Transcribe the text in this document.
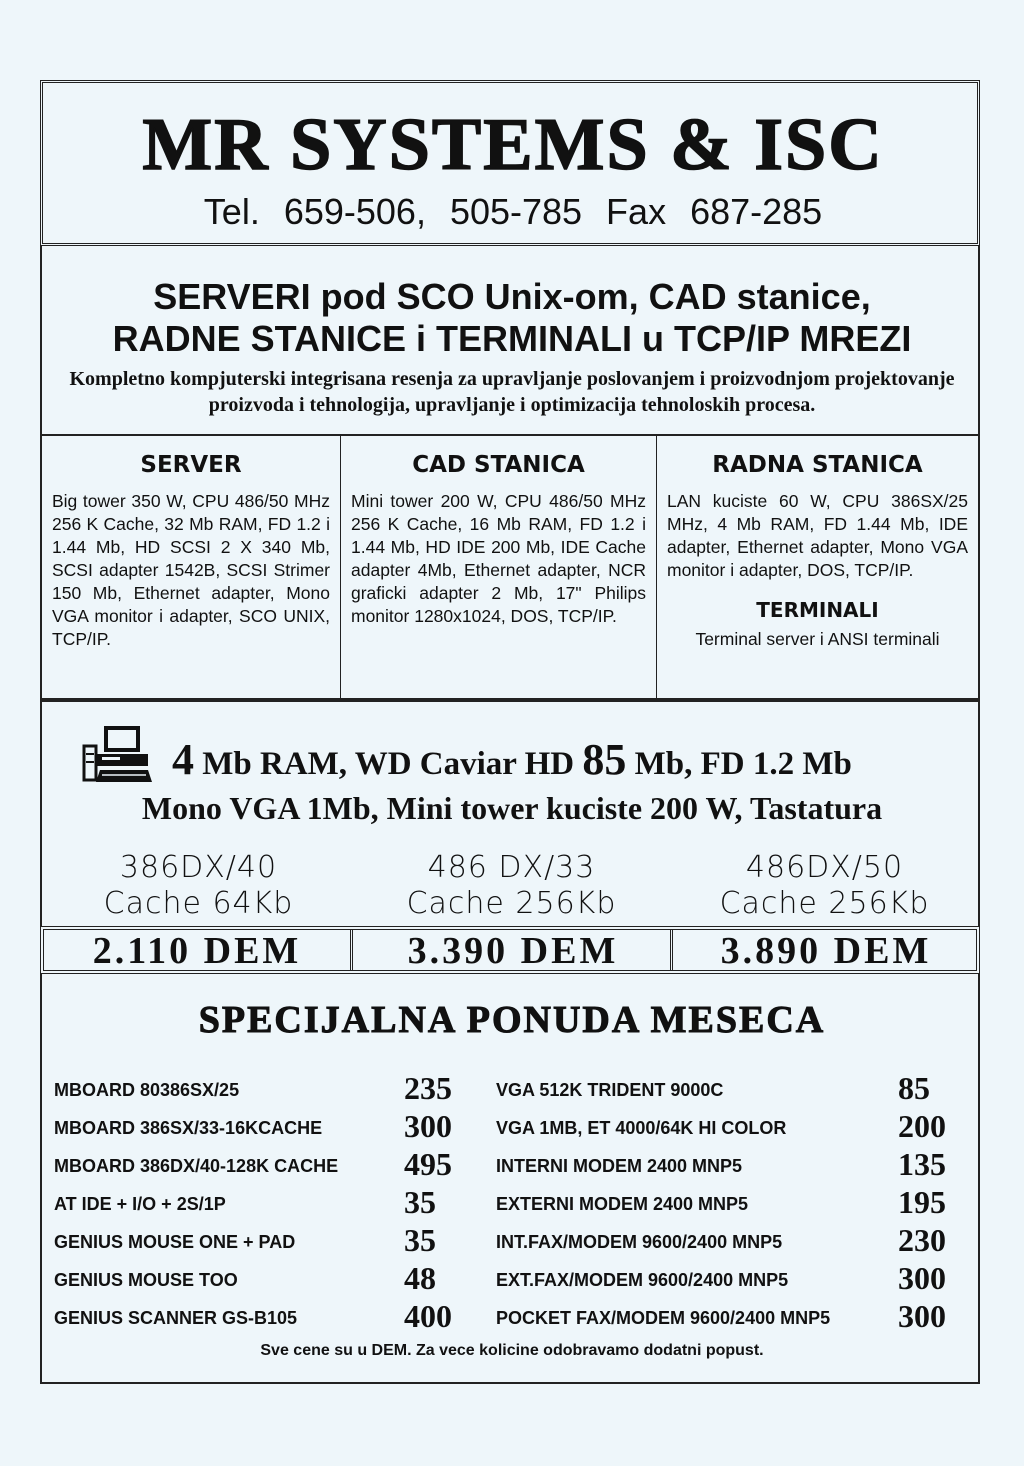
MR SYSTEMS & ISC
Tel. 659-506, 505-785 Fax 687-285
SERVERI pod SCO Unix-om, CAD stanice,
RADNE STANICE i TERMINALI u TCP/IP MREZI
Kompletno kompjuterski integrisana resenja za upravljanje poslovanjem i proizvodnjom projektovanje proizvoda i tehnologija, upravljanje i optimizacija tehnoloskih procesa.
SERVER
Big tower 350 W, CPU 486/50 MHz 256 K Cache, 32 Mb RAM, FD 1.2 i 1.44 Mb, HD SCSI 2 X 340 Mb, SCSI adapter 1542B, SCSI Strimer 150 Mb, Ethernet adapter, Mono VGA monitor i adapter, SCO UNIX, TCP/IP.
CAD STANICA
Mini tower 200 W, CPU 486/50 MHz 256 K Cache, 16 Mb RAM, FD 1.2 i 1.44 Mb, HD IDE 200 Mb, IDE Cache adapter 4Mb, Ethernet adapter, NCR graficki adapter 2 Mb, 17" Philips monitor 1280x1024, DOS, TCP/IP.
RADNA STANICA
LAN kuciste 60 W, CPU 386SX/25 MHz, 4 Mb RAM, FD 1.44 Mb, IDE adapter, Ethernet adapter, Mono VGA monitor i adapter, DOS, TCP/IP.
TERMINALI
Terminal server i ANSI terminali
4 Mb RAM, WD Caviar HD 85 Mb, FD 1.2 Mb
Mono VGA 1Mb, Mini tower kuciste 200 W, Tastatura
386DX/40
Cache 64Kb
486 DX/33
Cache 256Kb
486DX/50
Cache 256Kb
2.110 DEM	3.390 DEM	3.890 DEM
SPECIJALNA PONUDA MESECA
MBOARD 80386SX/25	235
MBOARD 386SX/33-16KCACHE	300
MBOARD 386DX/40-128K CACHE 495
AT IDE + I/O + 2S/1P	35
GENIUS MOUSE ONE + PAD	35
GENIUS MOUSE TOO	48
GENIUS SCANNER GS-B105	400
VGA 512K TRIDENT 9000C	85
VGA 1MB, ET 4000/64K HI COLOR	200
INTERNI MODEM 2400 MNP5	135
EXTERNI MODEM 2400 MNP5	195
INT.FAX/MODEM 9600/2400 MNP5	230
EXT.FAX/MODEM 9600/2400 MNP5	300
POCKET FAX/MODEM 9600/2400 MNP5 300
Sve cene su u DEM. Za vece kolicine odobravamo dodatni popust.
